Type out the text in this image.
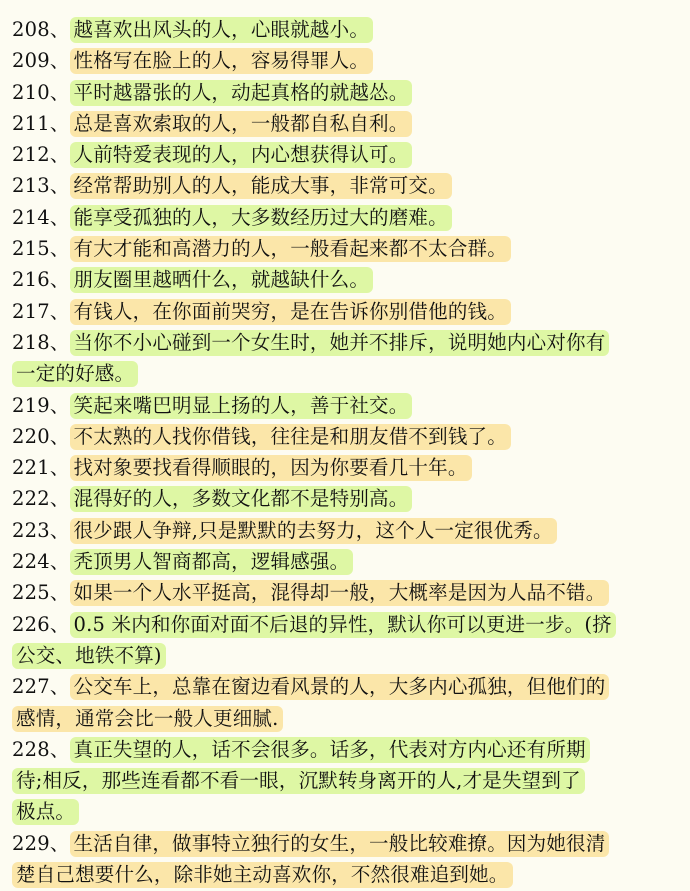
208、 越喜欢出风头的人，心眼就越小。
209、 性格写在脸上的人，容易得罪人。
210、 平时越嚣张的人，动起真格的就越怂。
211、 总是喜欢索取的人，一般都自私自利。
212、 人前特爱表现的人，内心想获得认可。
213、 经常帮助别人的人，能成大事，非常可交。
214、 能享受孤独的人，大多数经历过大的磨难。
215、 有大才能和高潜力的人，一般看起来都不太合群。
216、 朋友圈里越晒什么，就越缺什么。
217、 有钱人，在你面前哭穷，是在告诉你别借他的钱。
218、 当你不小心碰到一个女生时，她并不排斥，说明她内心对你有
一定的好感。
219、 笑起来嘴巴明显上扬的人，善于社交。
220、 不太熟的人找你借钱，往往是和朋友借不到钱了。
221、 找对象要找看得顺眼的，因为你要看几十年。
222、 混得好的人，多数文化都不是特别高。
223、 很少跟人争辩,只是默默的去努力，这个人一定很优秀。
224、 秃顶男人智商都高，逻辑感强。
225、 如果一个人水平挺高，混得却一般，大概率是因为人品不错。
226、 0.5 米内和你面对面不后退的异性，默认你可以更进一步。(挤
公交、地铁不算)
227、 公交车上，总靠在窗边看风景的人，大多内心孤独，但他们的
感情，通常会比一般人更细腻.
228、 真正失望的人，话不会很多。话多，代表对方内心还有所期
待;相反，那些连看都不看一眼，沉默转身离开的人,才是失望到了
极点。
229、 生活自律，做事特立独行的女生，一般比较难撩。因为她很清
楚自己想要什么，除非她主动喜欢你，不然很难追到她。
